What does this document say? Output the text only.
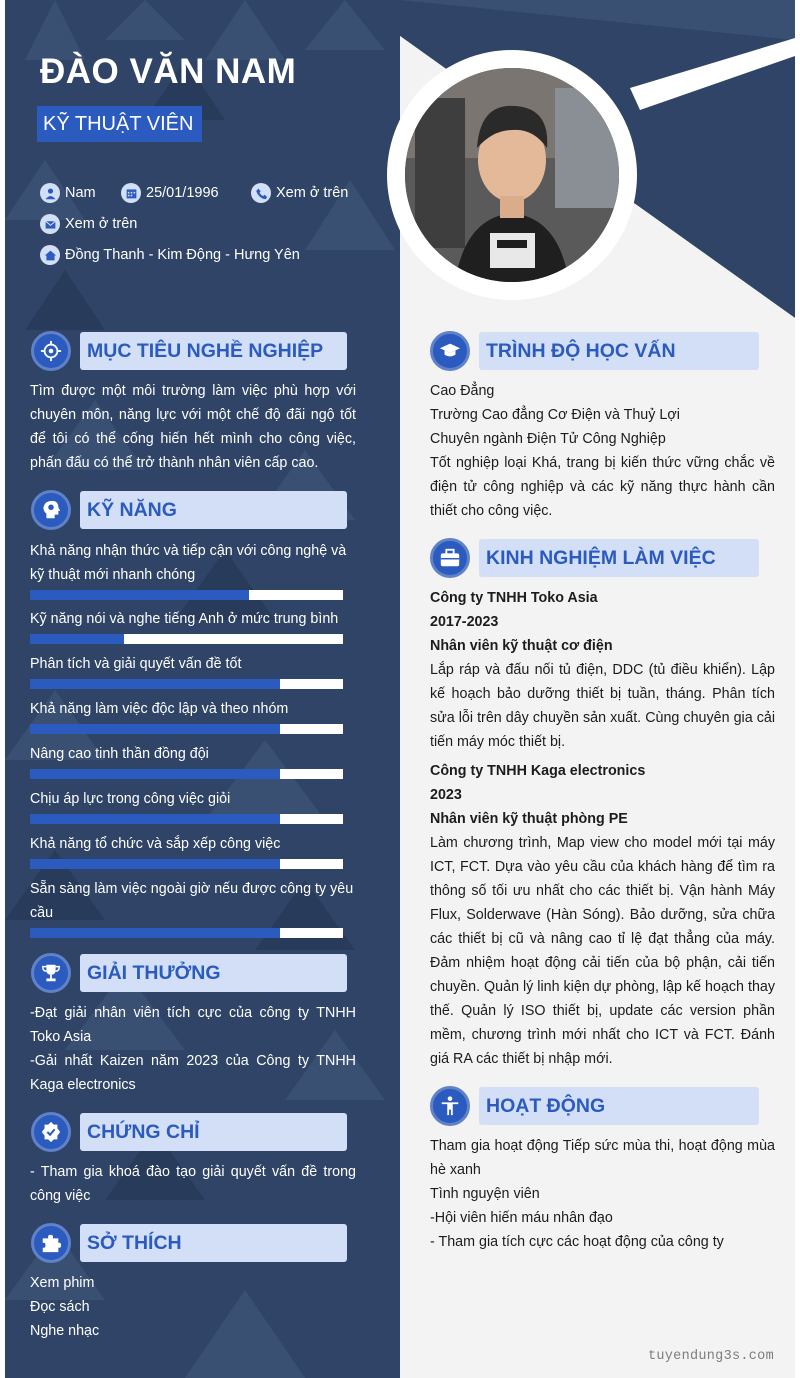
ĐÀO VĂN NAM
KỸ THUẬT VIÊN
Nam	25/01/1996	Xem ở trên
Xem ở trên
Đồng Thanh - Kim Động - Hưng Yên
MỤC TIÊU NGHỀ NGHIỆP
Tìm được một môi trường làm việc phù hợp với chuyên môn, năng lực với một chế độ đãi ngộ tốt để tôi có thể cống hiến hết mình cho công việc, phấn đấu có thể trở thành nhân viên cấp cao.
KỸ NĂNG
Khả năng nhận thức và tiếp cận với công nghệ và kỹ thuật mới nhanh chóng
Kỹ năng nói và nghe tiếng Anh ở mức trung bình
Phân tích và giải quyết vấn đề tốt
Khả năng làm việc độc lập và theo nhóm
Nâng cao tinh thần đồng đội
Chịu áp lực trong công việc giỏi
Khả năng tổ chức và sắp xếp công việc
Sẵn sàng làm việc ngoài giờ nếu được công ty yêu cầu
GIẢI THƯỞNG
-Đạt giải nhân viên tích cực của công ty TNHH Toko Asia
-Gải nhất Kaizen năm 2023 của Công ty TNHH Kaga electronics
CHỨNG CHỈ
- Tham gia khoá đào tạo giải quyết vấn đề trong công việc
SỞ THÍCH
Xem phim
Đọc sách
Nghe nhạc
TRÌNH ĐỘ HỌC VẤN
Cao Đẳng
Trường Cao đẳng Cơ Điện và Thuỷ Lợi
Chuyên ngành Điện Tử Công Nghiệp
Tốt nghiệp loại Khá, trang bị kiến thức vững chắc về điện tử công nghiệp và các kỹ năng thực hành cần thiết cho công việc.
KINH NGHIỆM LÀM VIỆC
Công ty TNHH Toko Asia
2017-2023
Nhân viên kỹ thuật cơ điện
Lắp ráp và đấu nối tủ điện, DDC (tủ điều khiển). Lập kế hoạch bảo dưỡng thiết bị tuần, tháng. Phân tích sửa lỗi trên dây chuyền sản xuất. Cùng chuyên gia cải tiến máy móc thiết bị.
Công ty TNHH Kaga electronics
2023
Nhân viên kỹ thuật phòng PE
Làm chương trình, Map view cho model mới tại máy ICT, FCT. Dựa vào yêu cầu của khách hàng để tìm ra thông số tối ưu nhất cho các thiết bị. Vận hành Máy Flux, Solderwave (Hàn Sóng). Bảo dưỡng, sửa chữa các thiết bị cũ và nâng cao tỉ lệ đạt thẳng của máy. Đảm nhiệm hoạt động cải tiến của bộ phận, cải tiến chuyền. Quản lý linh kiện dự phòng, lập kế hoạch thay thế. Quản lý ISO thiết bị, update các version phần mềm, chương trình mới nhất cho ICT và FCT. Đánh giá RA các thiết bị nhập mới.
HOẠT ĐỘNG
Tham gia hoạt động Tiếp sức mùa thi, hoạt động mùa hè xanh
Tình nguyện viên
-Hội viên hiến máu nhân đạo
- Tham gia tích cực các hoạt động của công ty
tuyendung3s.com
